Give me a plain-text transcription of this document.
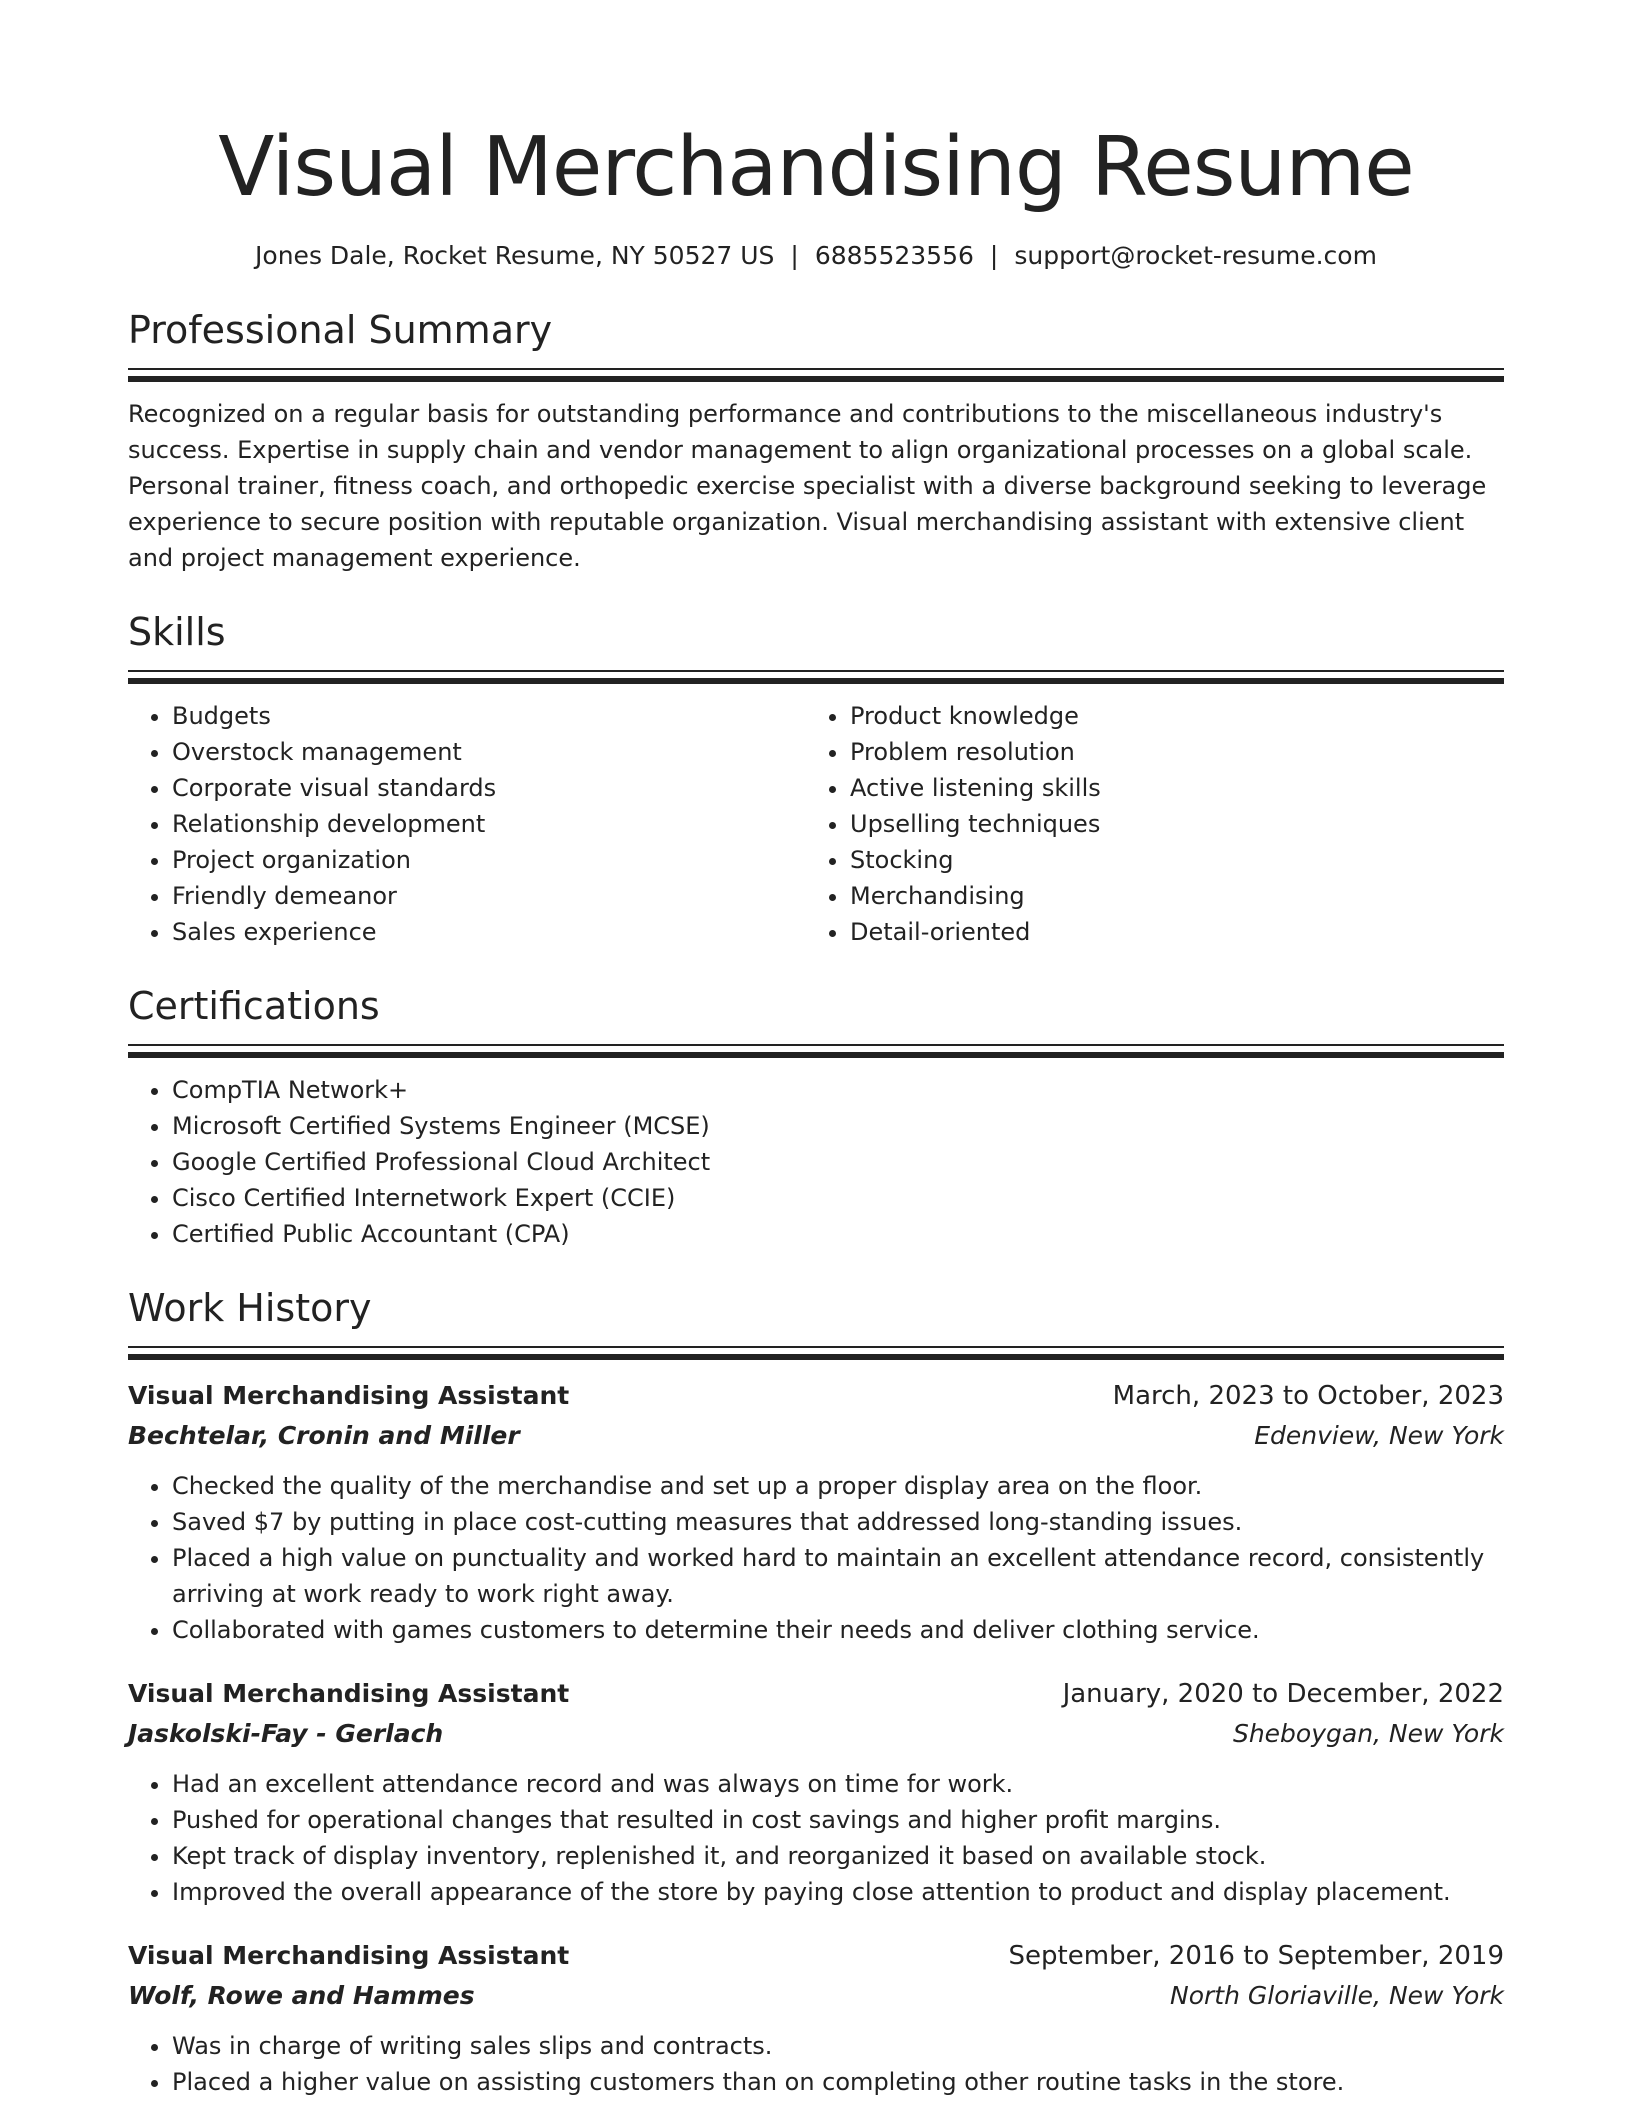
Visual Merchandising Resume
Jones Dale, Rocket Resume, NY 50527 US | 6885523556 | support@rocket-resume.com
Professional Summary

Recognized on a regular basis for outstanding performance and contributions to the miscellaneous industry's success. Expertise in supply chain and vendor management to align organizational processes on a global scale. Personal trainer, fitness coach, and orthopedic exercise specialist with a diverse background seeking to leverage experience to secure position with reputable organization. Visual merchandising assistant with extensive client and project management experience.

Skills
• Budgets
• Overstock management
• Corporate visual standards
• Relationship development
• Project organization
• Friendly demeanor
• Sales experience
• Product knowledge
• Problem resolution
• Active listening skills
• Upselling techniques
• Stocking
• Merchandising
• Detail-oriented
Certifications
• CompTIA Network+
• Microsoft Certified Systems Engineer (MCSE)
• Google Certified Professional Cloud Architect
• Cisco Certified Internetwork Expert (CCIE)
• Certified Public Accountant (CPA)
Work History
Visual Merchandising Assistant	March, 2023 to October, 2023
Bechtelar, Cronin and Miller	Edenview, New York
• Checked the quality of the merchandise and set up a proper display area on the floor.
• Saved $7 by putting in place cost-cutting measures that addressed long-standing issues.
• Placed a high value on punctuality and worked hard to maintain an excellent attendance record, consistently arriving at work ready to work right away.
• Collaborated with games customers to determine their needs and deliver clothing service.
Visual Merchandising Assistant	January, 2020 to December, 2022
Jaskolski-Fay - Gerlach	Sheboygan, New York
• Had an excellent attendance record and was always on time for work.
• Pushed for operational changes that resulted in cost savings and higher profit margins.
• Kept track of display inventory, replenished it, and reorganized it based on available stock.
• Improved the overall appearance of the store by paying close attention to product and display placement.
Visual Merchandising Assistant	September, 2016 to September, 2019
Wolf, Rowe and Hammes	North Gloriaville, New York
• Was in charge of writing sales slips and contracts.
• Placed a higher value on assisting customers than on completing other routine tasks in the store.
